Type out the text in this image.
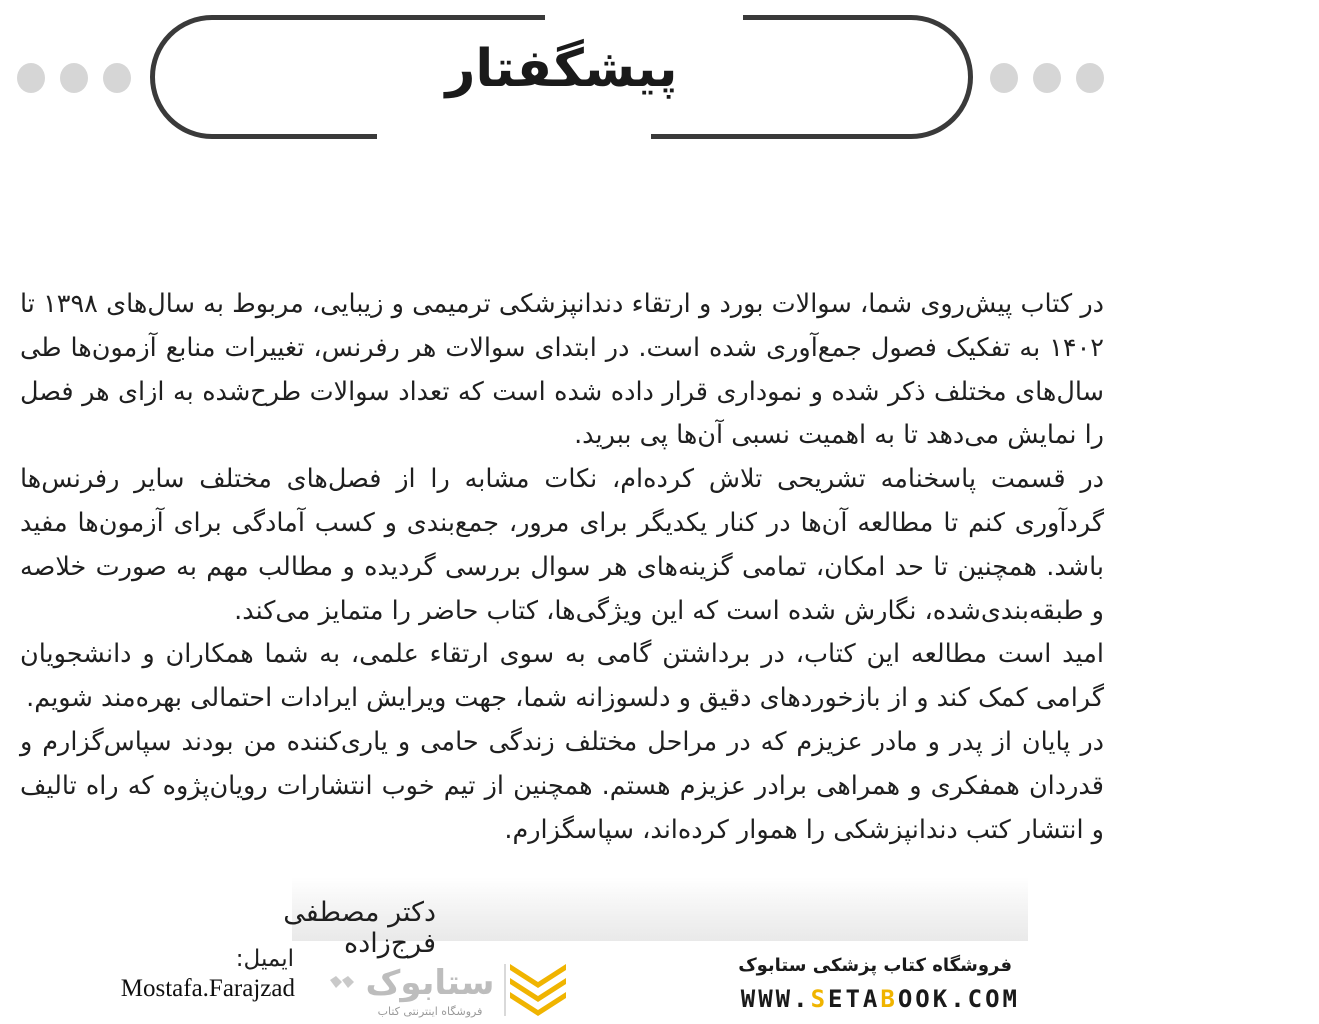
پیشگفتار

در کتاب پیش‌روی شما، سوالات بورد و ارتقاء دندانپزشکی ترمیمی و زیبایی، مربوط به سال‌های ۱۳۹۸ تا ۱۴۰۲ به تفکیک فصول جمع‌آوری شده است. در ابتدای سوالات هر رفرنس، تغییرات منابع آزمون‌ها طی سال‌های مختلف ذکر شده و نموداری قرار داده شده است که تعداد سوالات طرح‌شده به ازای هر فصل را نمایش می‌دهد تا به اهمیت نسبی آن‌ها پی ببرید.

در قسمت پاسخنامه تشریحی تلاش کرده‌ام، نکات مشابه را از فصل‌های مختلف سایر رفرنس‌ها گردآوری کنم تا مطالعه آن‌ها در کنار یکدیگر برای مرور، جمع‌بندی و کسب آمادگی برای آزمون‌ها مفید باشد. همچنین تا حد امکان، تمامی گزینه‌های هر سوال بررسی گردیده و مطالب مهم به صورت خلاصه و طبقه‌بندی‌شده، نگارش شده است که این ویژگی‌ها، کتاب حاضر را متمایز می‌کند.

امید است مطالعه این کتاب، در برداشتن گامی به سوی ارتقاء علمی، به شما همکاران و دانشجویان گرامی کمک کند و از بازخوردهای دقیق و دلسوزانه شما، جهت ویرایش ایرادات احتمالی بهره‌مند شویم.

در پایان از پدر و مادر عزیزم که در مراحل مختلف زندگی حامی و یاری‌کننده من بودند سپاس‌گزارم و قدردان همفکری و همراهی برادر عزیزم هستم. همچنین از تیم خوب انتشارات رویان‌پژوه که راه تالیف و انتشار کتب دندانپزشکی را هموار کرده‌اند، سپاسگزارم.

دکتر مصطفی فرج‌زاده
ایمیل:
Mostafa.Farajzad ستابوک
فروشگاه اینترنتی کتاب
فروشگاه کتاب پزشکی ستابوک
WWW.SETABOOK.COM
